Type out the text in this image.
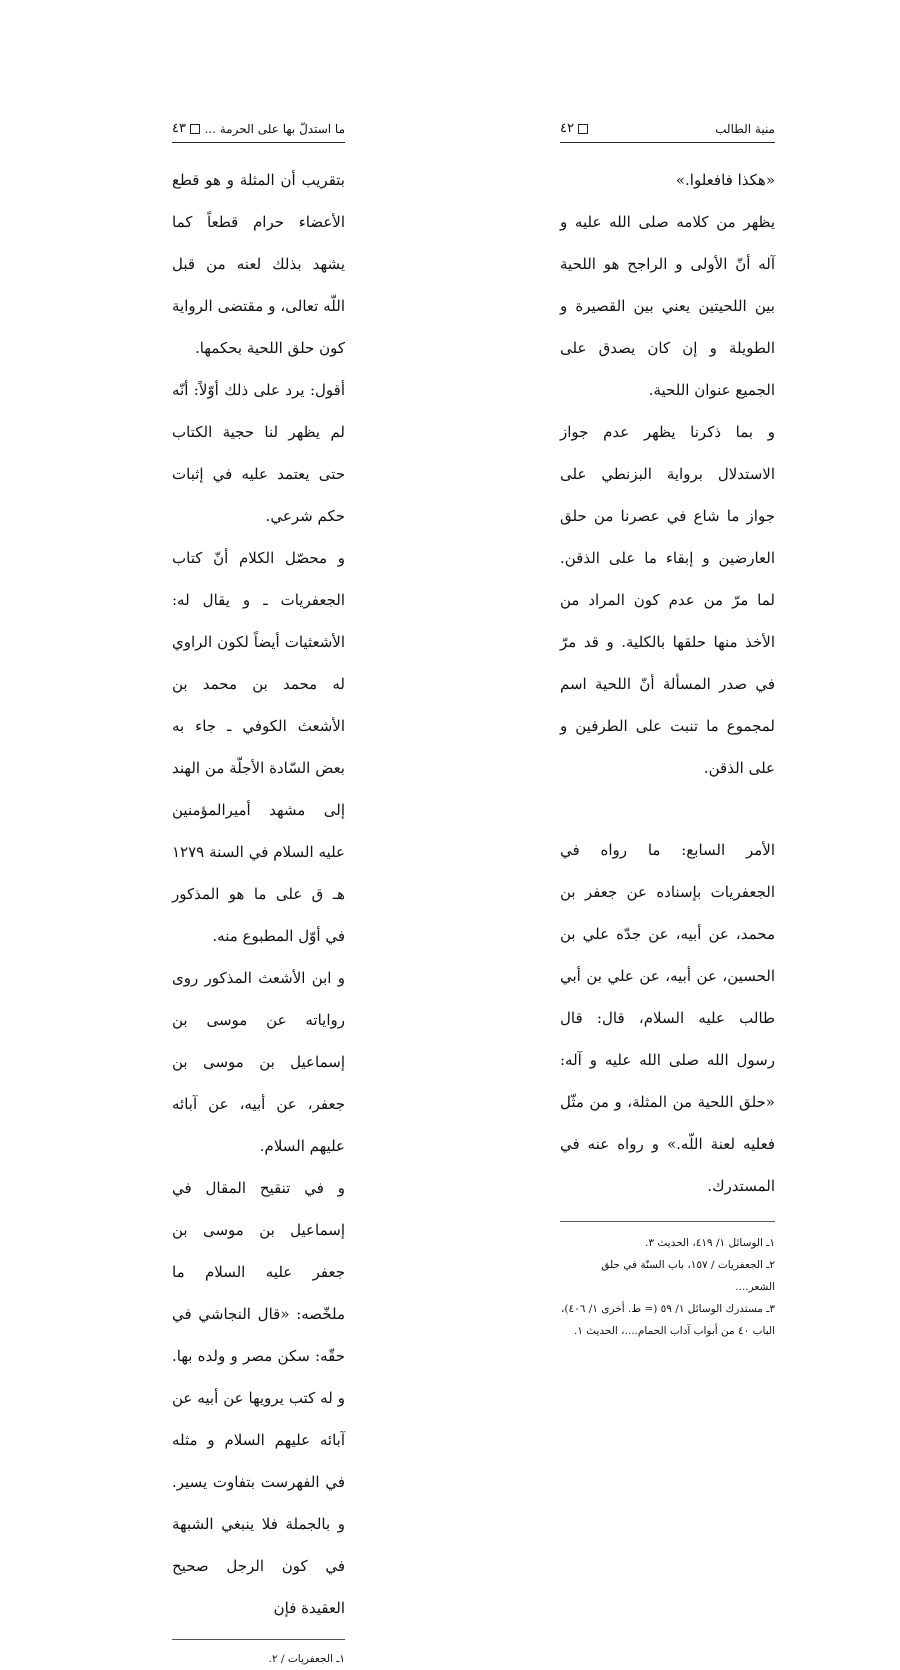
ما استدلّ بها على الحرمة ...
٤٣

بتقريب أن المثلة و هو قطع الأعضاء حرام قطعاً كما يشهد بذلك لعنه من قبل اللّه تعالى، و مقتضى الرواية كون حلق اللحية بحكمها.

أقول: يرد على ذلك أوّلاً: أنّه لم يظهر لنا حجية الكتاب حتى يعتمد عليه في إثبات حكم شرعي.

و محصّل الكلام أنّ كتاب الجعفريات ـ و يقال له: الأشعثيات أيضاً لكون الراوي له محمد بن محمد بن الأشعث الكوفي ـ جاء به بعض السّادة الأجلّة من الهند إلى مشهد أميرالمؤمنين عليه السلام في السنة ١٢٧٩ هـ ق على ما هو المذكور في أوّل المطبوع منه.

و ابن الأشعث المذكور روى رواياته عن موسى بن إسماعيل بن موسى بن جعفر، عن أبيه، عن آبائه عليهم السلام.

و في تنقيح المقال في إسماعيل بن موسى بن جعفر عليه السلام ما ملخّصه: «قال النجاشي في حقّه: سكن مصر و ولده بها. و له كتب يرويها عن أبيه عن آبائه عليهم السلام و مثله في الفهرست بتفاوت يسير. و بالجملة فلا ينبغي الشبهة في كون الرجل صحيح العقيدة فإن

١ـ الجعفريات / ٢.

منية الطالب
٤٢

«هكذا فافعلوا.»

يظهر من كلامه صلى الله عليه و آله أنّ الأولى و الراجح هو اللحية بين اللحيتين يعني بين القصيرة و الطويلة و إن كان يصدق على الجميع عنوان اللحية.

و بما ذكرنا يظهر عدم جواز الاستدلال برواية البزنطي على جواز ما شاع في عصرنا من حلق العارضين و إبقاء ما على الذقن. لما مرّ من عدم كون المراد من الأخذ منها حلقها بالكلية. و قد مرّ في صدر المسألة أنّ اللحية اسم لمجموع ما تنبت على الطرفين و على الذقن.

الأمر السابع: ما رواه في الجعفريات بإسناده عن جعفر بن محمد، عن أبيه، عن جدّه علي بن الحسين، عن أبيه، عن علي بن أبي طالب عليه السلام، قال: قال رسول الله صلى الله عليه و آله: «حلق اللحية من المثلة، و من مثّل فعليه لعنة اللّه.» و رواه عنه في المستدرك.

١ـ الوسائل ١/ ٤١٩، الحديث ٣.

٢ـ الجعفريات / ١٥٧، باب السنّة في حلق الشعر....

٣ـ مستدرك الوسائل ١/ ٥٩ (= ط. أخرى ١/ ٤٠٦)، الباب ٤٠ من أبواب آداب الحمام....، الحديث ١.
